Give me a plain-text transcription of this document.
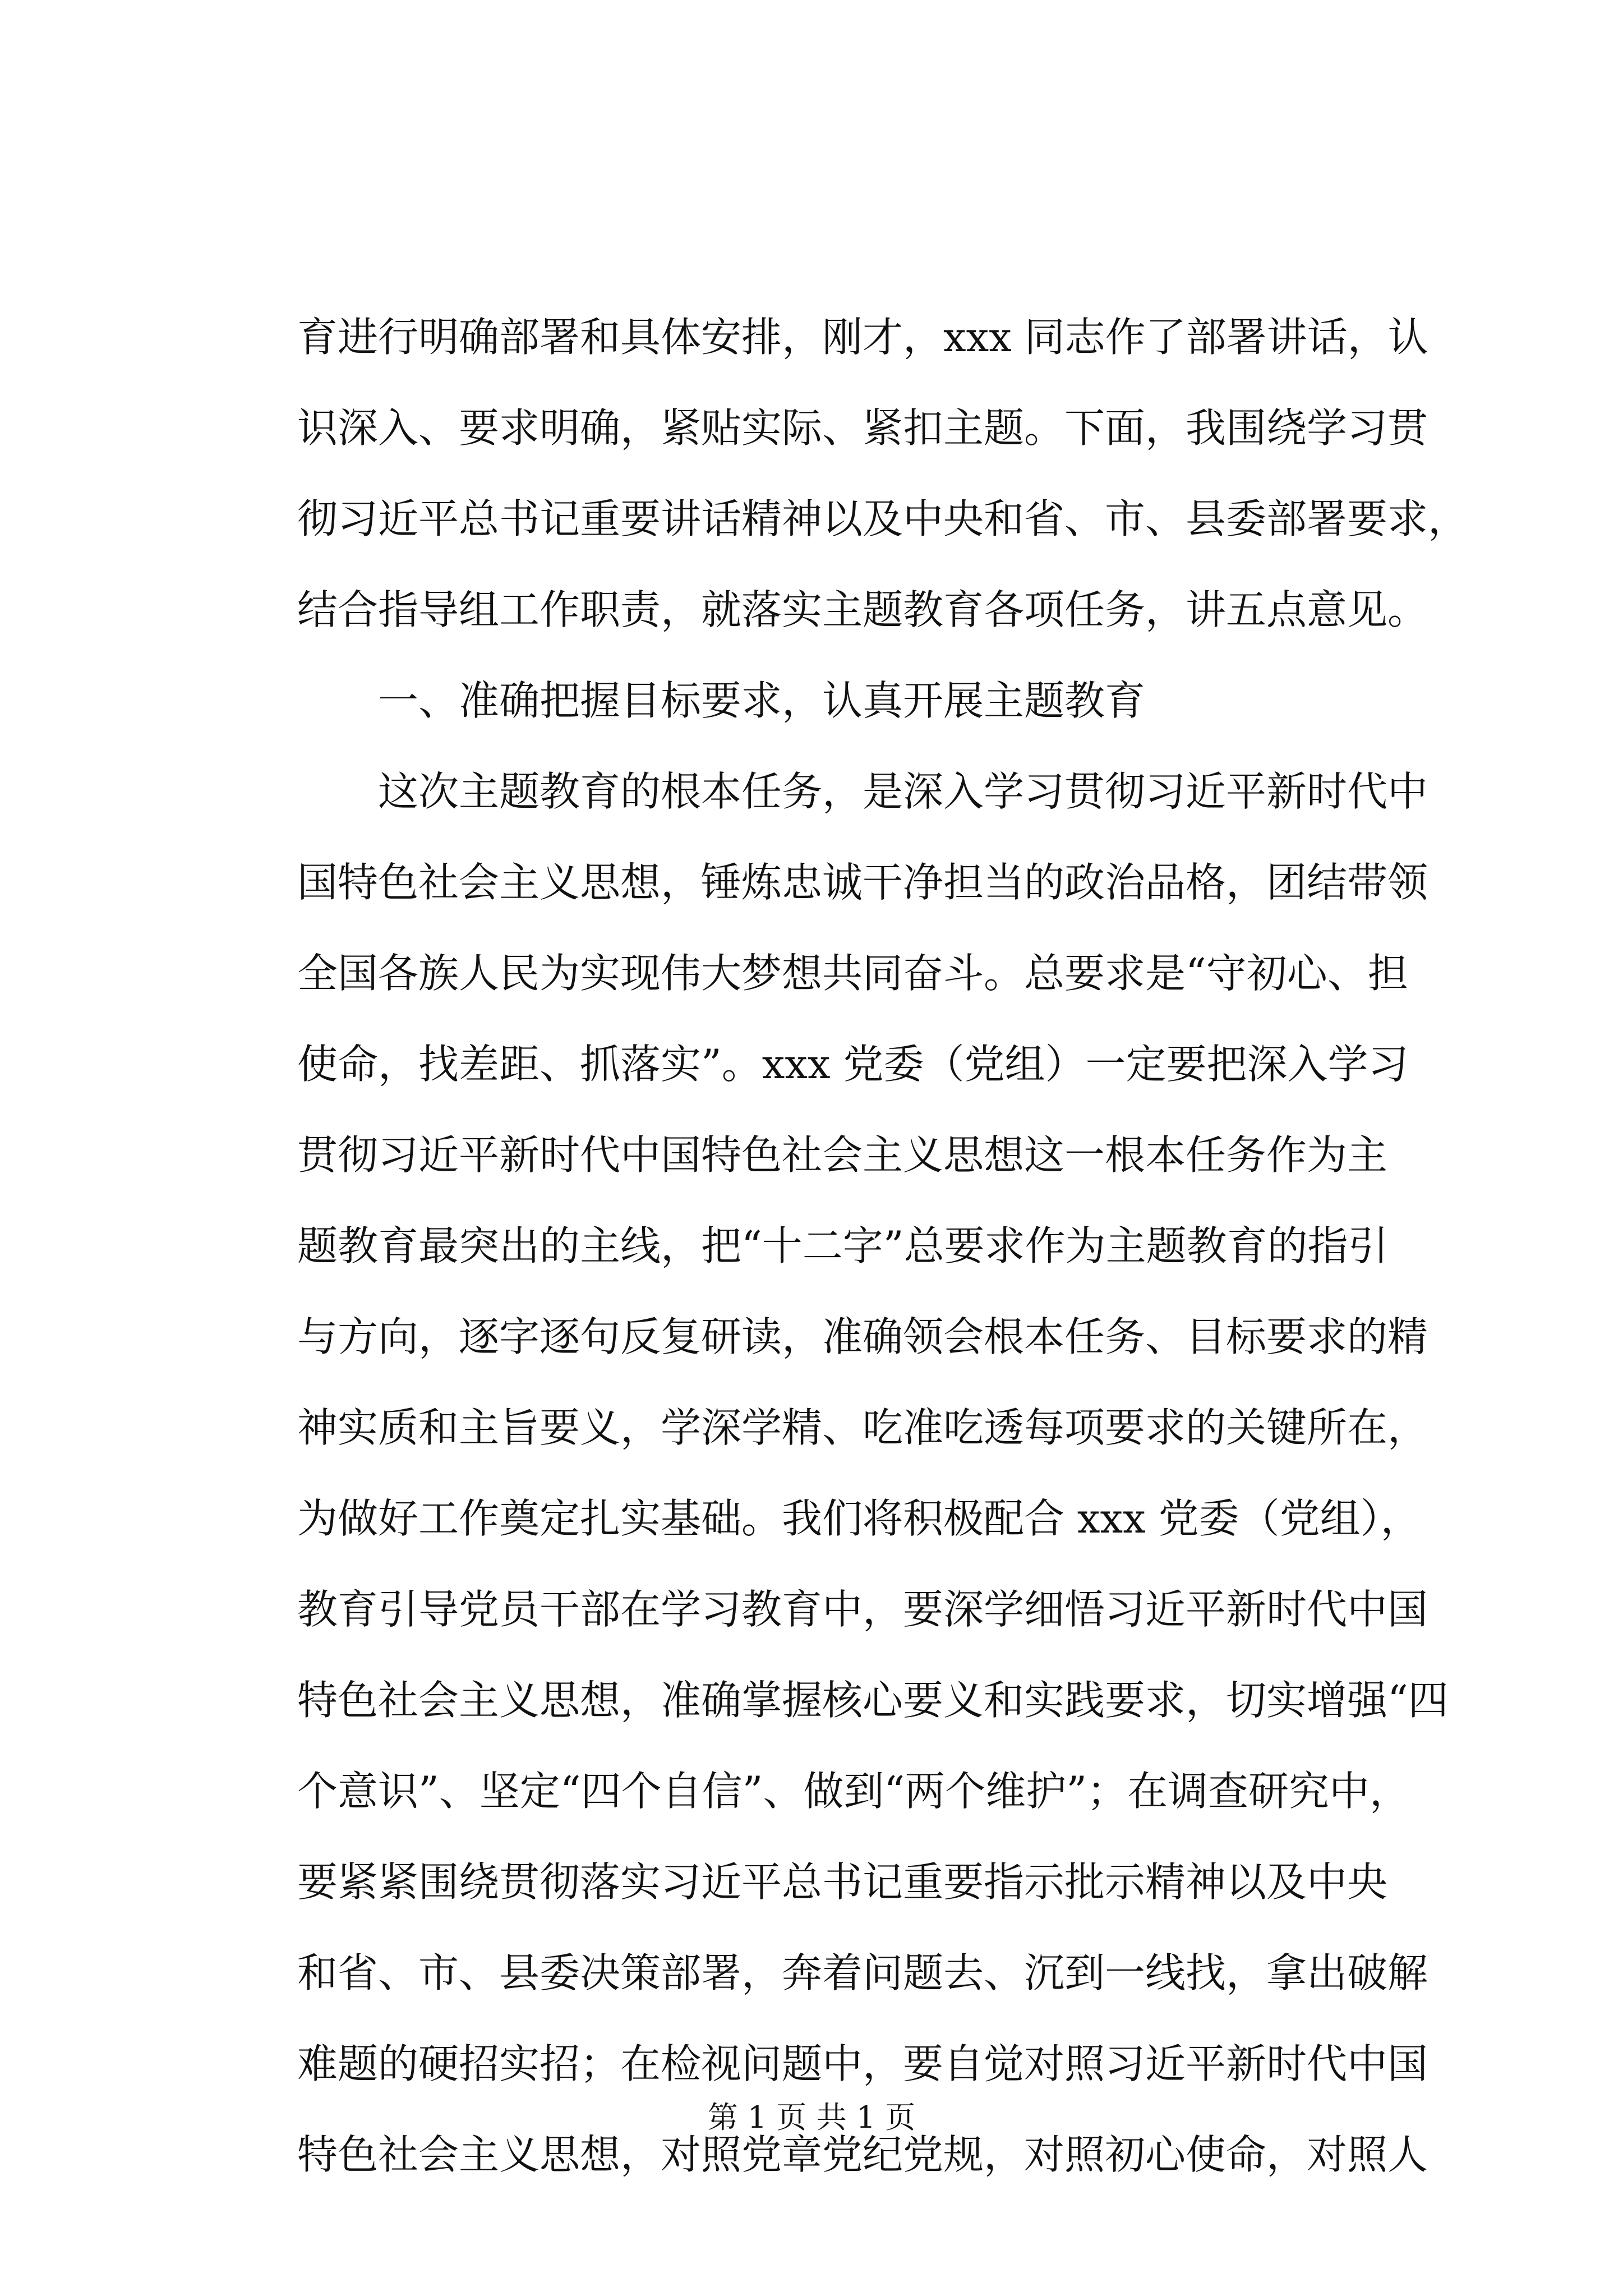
育进行明确部署和具体安排，刚才，xxx 同志作了部署讲话，认
识深入、要求明确，紧贴实际、紧扣主题。下面，我围绕学习贯
彻习近平总书记重要讲话精神以及中央和省、市、县委部署要求，
结合指导组工作职责，就落实主题教育各项任务，讲五点意见。
一、准确把握目标要求，认真开展主题教育
这次主题教育的根本任务，是深入学习贯彻习近平新时代中
国特色社会主义思想，锤炼忠诚干净担当的政治品格，团结带领
全国各族人民为实现伟大梦想共同奋斗。总要求是“守初心、担
使命，找差距、抓落实”。xxx 党委（党组）一定要把深入学习
贯彻习近平新时代中国特色社会主义思想这一根本任务作为主
题教育最突出的主线，把“十二字”总要求作为主题教育的指引
与方向，逐字逐句反复研读，准确领会根本任务、目标要求的精
神实质和主旨要义，学深学精、吃准吃透每项要求的关键所在，
为做好工作奠定扎实基础。我们将积极配合 xxx 党委（党组），
教育引导党员干部在学习教育中，要深学细悟习近平新时代中国
特色社会主义思想，准确掌握核心要义和实践要求，切实增强“四
个意识”、坚定“四个自信”、做到“两个维护”；在调查研究中，
要紧紧围绕贯彻落实习近平总书记重要指示批示精神以及中央
和省、市、县委决策部署，奔着问题去、沉到一线找，拿出破解
难题的硬招实招；在检视问题中，要自觉对照习近平新时代中国
特色社会主义思想，对照党章党纪党规，对照初心使命，对照人
第 1 页 共 1 页
